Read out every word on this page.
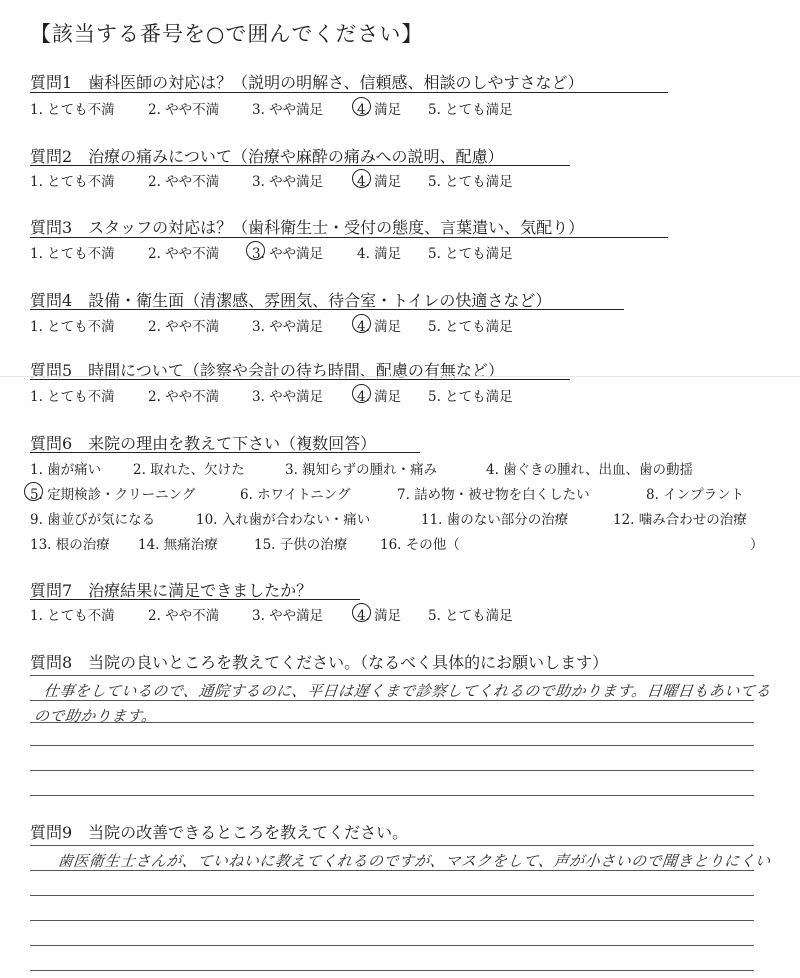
【該当する番号を○で囲んでください】
質問1　歯科医師の対応は？（説明の明解さ、信頼感、相談のしやすさなど）
1. とても不満 2. やや不満 3. やや満足	4. 満足 5. とても満足
質問2　治療の痛みについて（治療や麻酔の痛みへの説明、配慮）
1. とても不満 2. やや不満 3. やや満足	4. 満足 5. とても満足
質問3　スタッフの対応は？（歯科衛生士・受付の態度、言葉遣い、気配り）
1. とても不満 2. やや不満 3. やや満足	4. 満足 5. とても満足
質問4　設備・衛生面（清潔感、雰囲気、待合室・トイレの快適さなど）
1. とても不満 2. やや不満 3. やや満足	4. 満足 5. とても満足
質問5　時間について（診察や会計の待ち時間、配慮の有無など）
1. とても不満 2. やや不満 3. やや満足	4. 満足 5. とても満足
質問6　来院の理由を教えて下さい（複数回答）
1. 歯が痛い 2. 取れた、欠けた	3. 親知らずの腫れ・痛み	4. 歯ぐきの腫れ、出血、歯の動揺
5. 定期検診・クリーニング	6. ホワイトニング	7. 詰め物・被せ物を白くしたい	8. インプラント
9. 歯並びが気になる	10. 入れ歯が合わない・痛い	11. 歯のない部分の治療	12. 噛み合わせの治療
13. 根の治療 14. 無痛治療	15. 子供の治療 16. その他（	）
質問7　治療結果に満足できましたか？
1. とても不満 2. やや不満 3. やや満足	4. 満足 5. とても満足
質問8　当院の良いところを教えてください。（なるべく具体的にお願いします）
仕事をしているので、通院するのに、平日は遅くまで診察してくれるので助かります。日曜日もあいてる
ので助かります。
質問9　当院の改善できるところを教えてください。
歯医衛生士さんが、ていねいに教えてくれるのですが、マスクをして、声が小さいので聞きとりにくい
